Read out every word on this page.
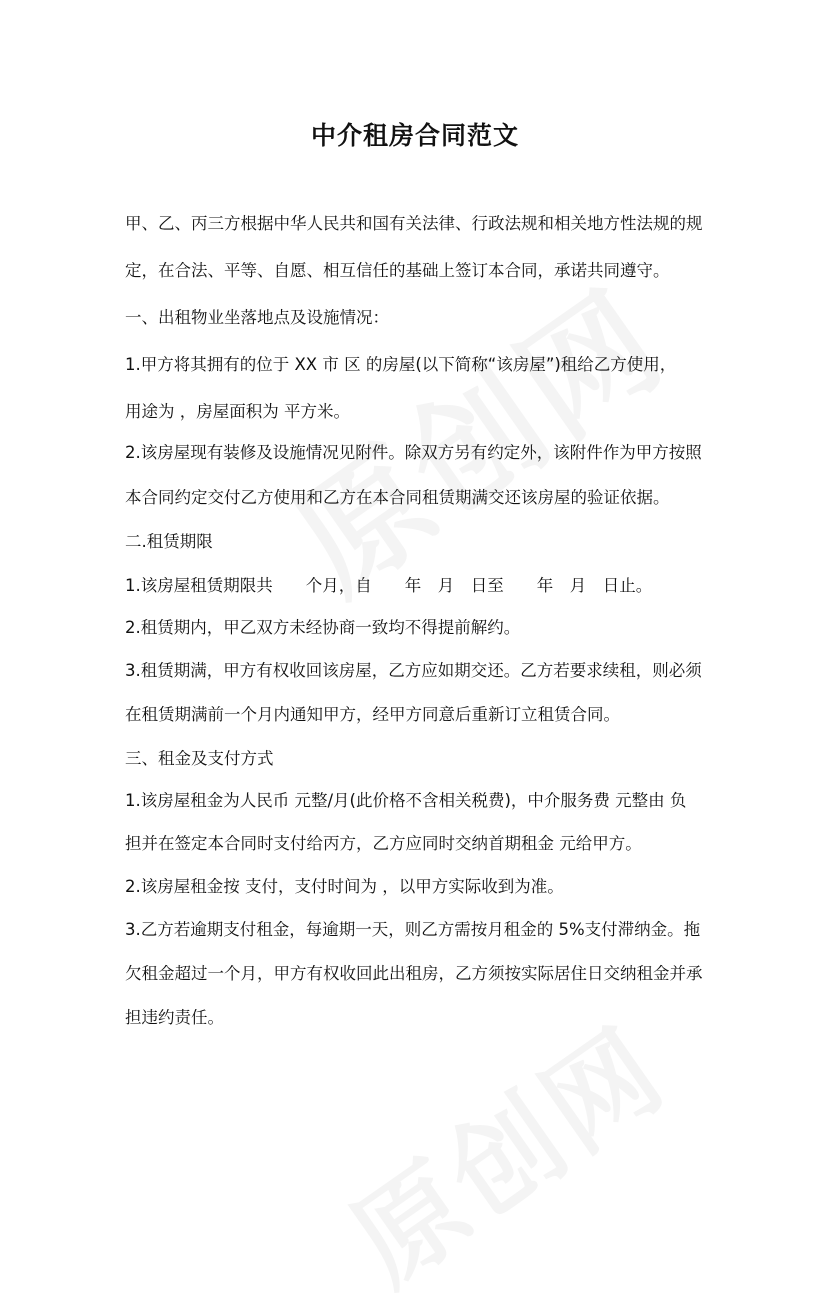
中介租房合同范文

甲、乙、丙三方根据中华人民共和国有关法律、行政法规和相关地方性法规的规

定，在合法、平等、自愿、相互信任的基础上签订本合同，承诺共同遵守。

一、出租物业坐落地点及设施情况：

1.甲方将其拥有的位于 XX 市 区 的房屋(以下简称“该房屋”)租给乙方使用，

用途为 ，房屋面积为 平方米。

2.该房屋现有装修及设施情况见附件。除双方另有约定外，该附件作为甲方按照

本合同约定交付乙方使用和乙方在本合同租赁期满交还该房屋的验证依据。

二.租赁期限

1.该房屋租赁期限共　　个月，自　　年　月　日至　　年　月　日止。

2.租赁期内，甲乙双方未经协商一致均不得提前解约。

3.租赁期满，甲方有权收回该房屋，乙方应如期交还。乙方若要求续租，则必须

在租赁期满前一个月内通知甲方，经甲方同意后重新订立租赁合同。

三、租金及支付方式

1.该房屋租金为人民币 元整/月(此价格不含相关税费)，中介服务费 元整由 负

担并在签定本合同时支付给丙方，乙方应同时交纳首期租金 元给甲方。

2.该房屋租金按 支付，支付时间为 ，以甲方实际收到为准。

3.乙方若逾期支付租金，每逾期一天，则乙方需按月租金的 5%支付滞纳金。拖

欠租金超过一个月，甲方有权收回此出租房，乙方须按实际居住日交纳租金并承

担违约责任。
